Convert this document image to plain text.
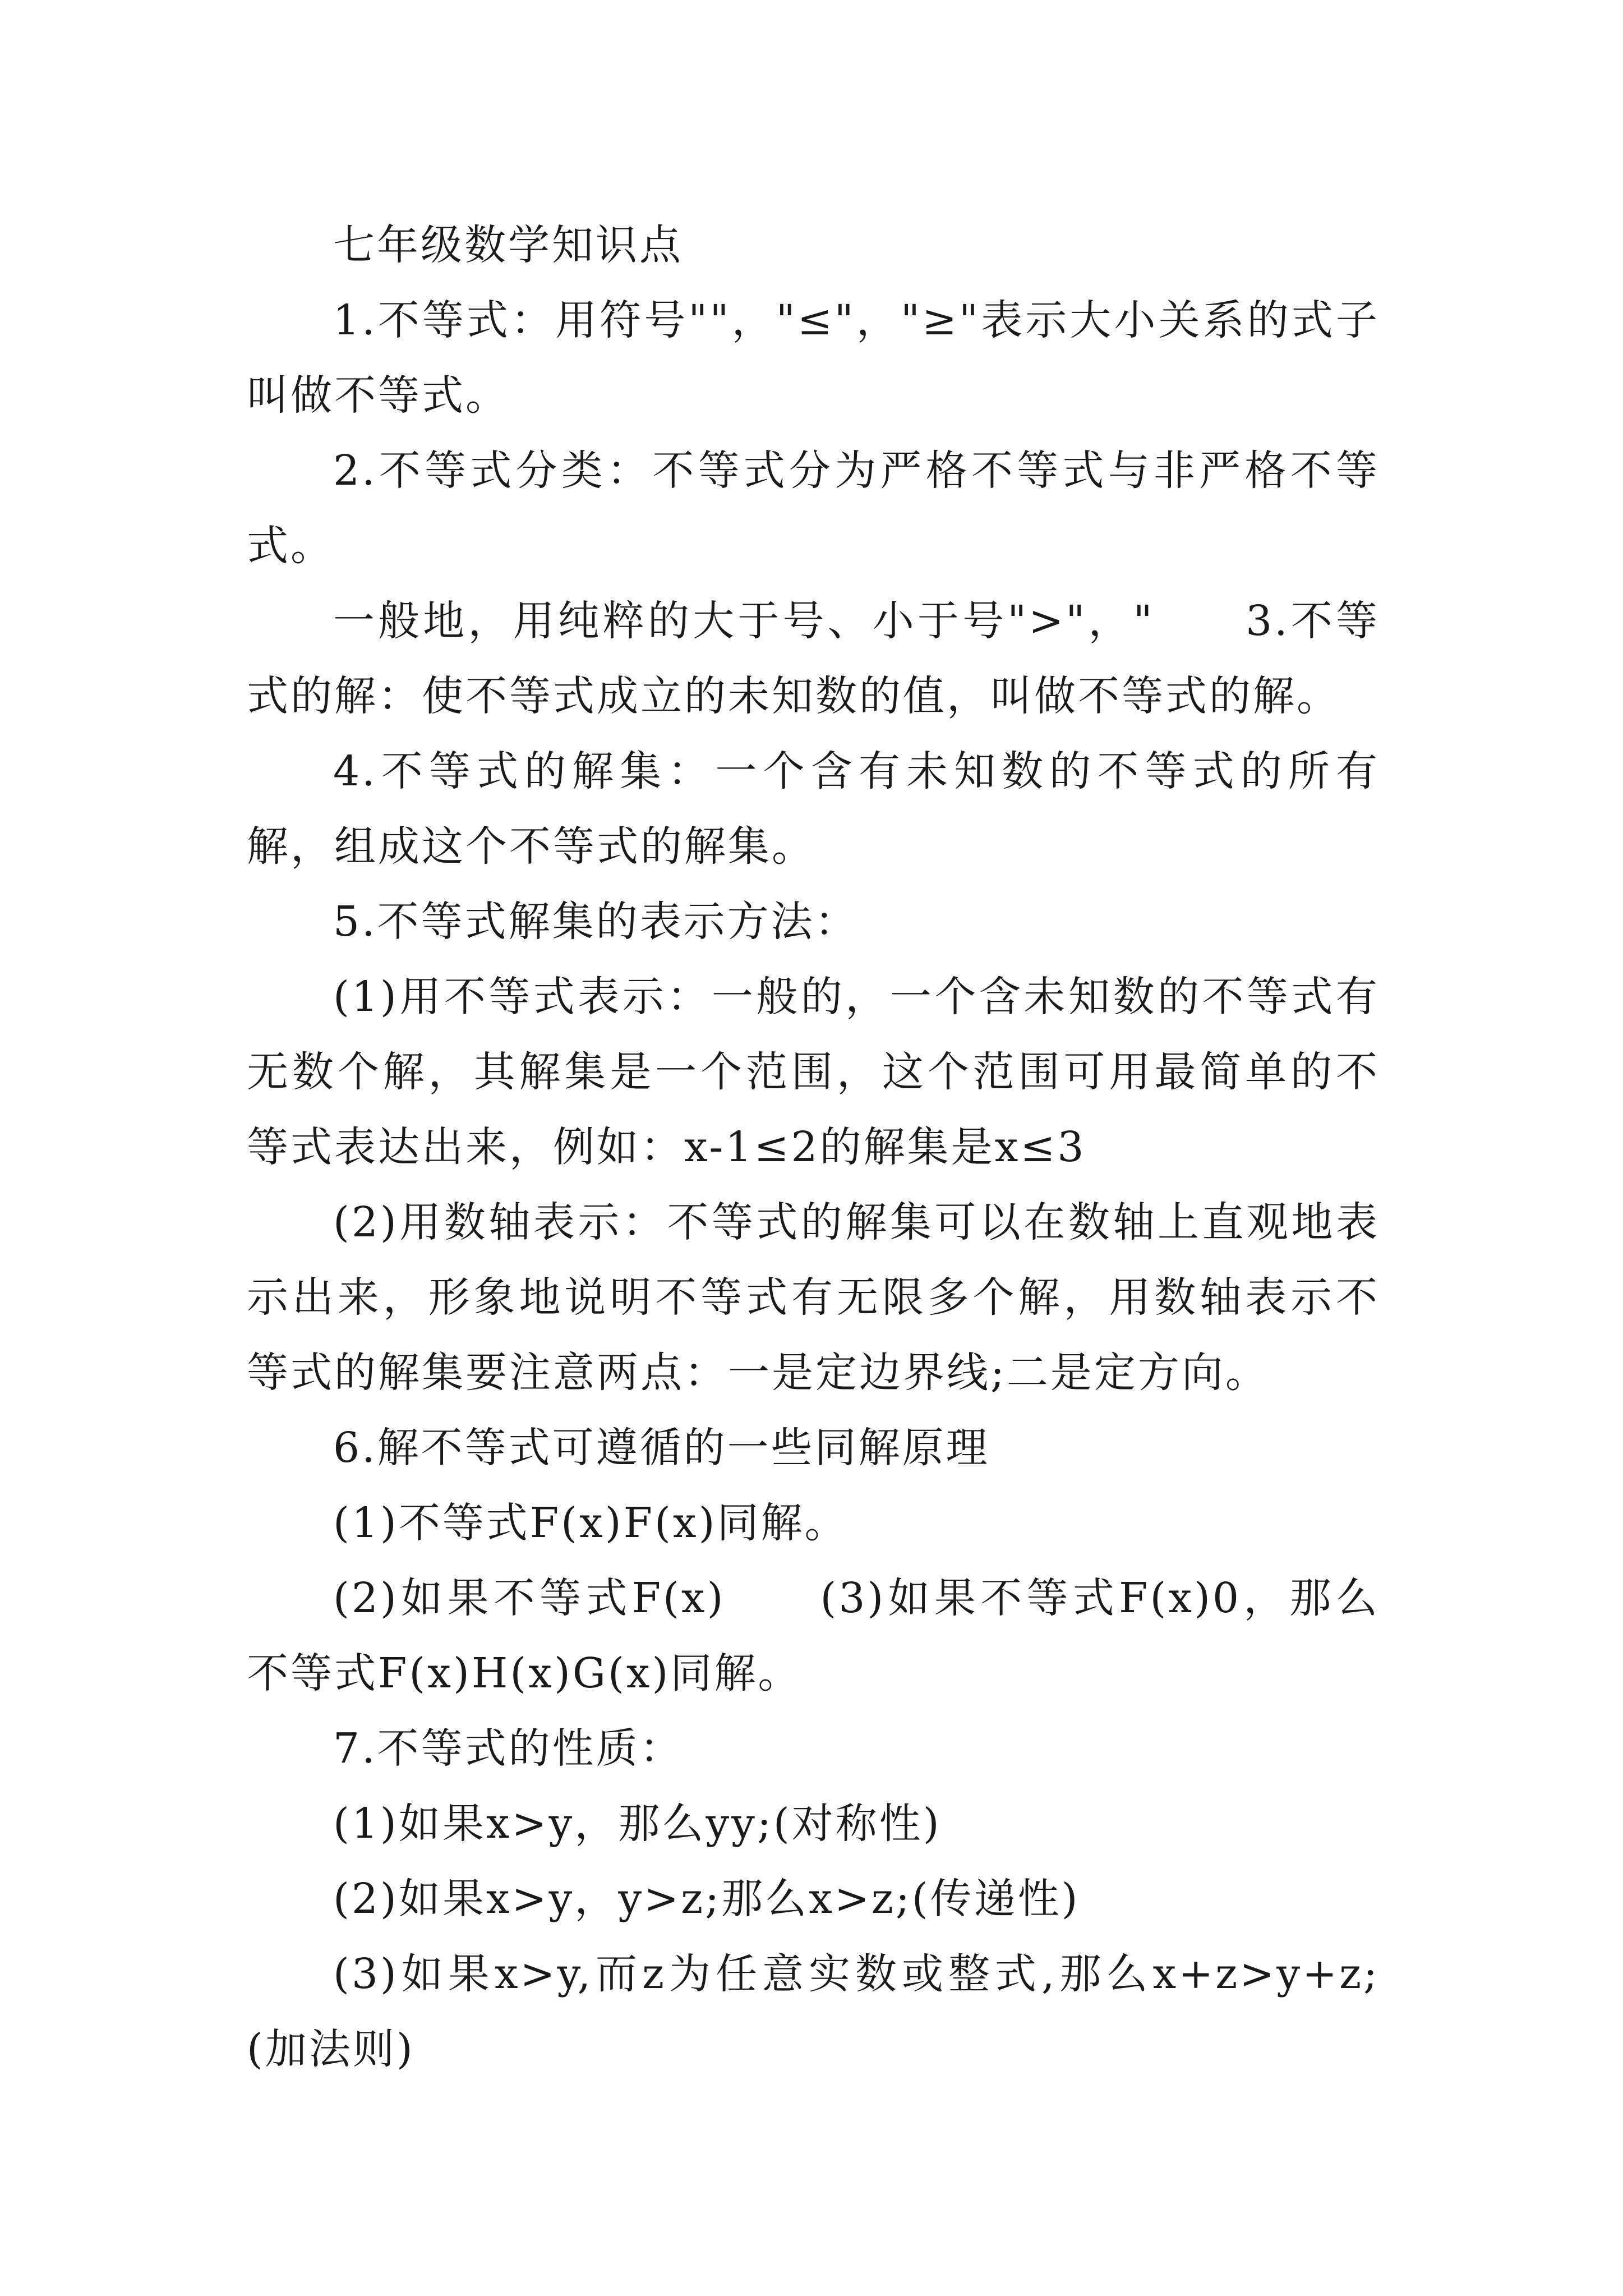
七年级数学知识点

1.不等式：用符号""，"≤"，"≥"表示大小关系的式子叫做不等式。

2.不等式分类：不等式分为严格不等式与非严格不等式。

一般地，用纯粹的大于号、小于号">"，"　　3.不等式的解：使不等式成立的未知数的值，叫做不等式的解。

4.不等式的解集：一个含有未知数的不等式的所有解，组成这个不等式的解集。

5.不等式解集的表示方法：

(1)用不等式表示：一般的，一个含未知数的不等式有无数个解，其解集是一个范围，这个范围可用最简单的不等式表达出来，例如：x-1≤2的解集是x≤3

(2)用数轴表示：不等式的解集可以在数轴上直观地表示出来，形象地说明不等式有无限多个解，用数轴表示不等式的解集要注意两点：一是定边界线;二是定方向。

6.解不等式可遵循的一些同解原理

(1)不等式F(x)F(x)同解。

(2)如果不等式F(x)　　(3)如果不等式F(x)0，那么不等式F(x)H(x)G(x)同解。

7.不等式的性质：

(1)如果x>y，那么yy;(对称性)

(2)如果x>y，y>z;那么x>z;(传递性)

(3)如果x>y,而z为任意实数或整式,那么x+z>y+z;(加法则)
